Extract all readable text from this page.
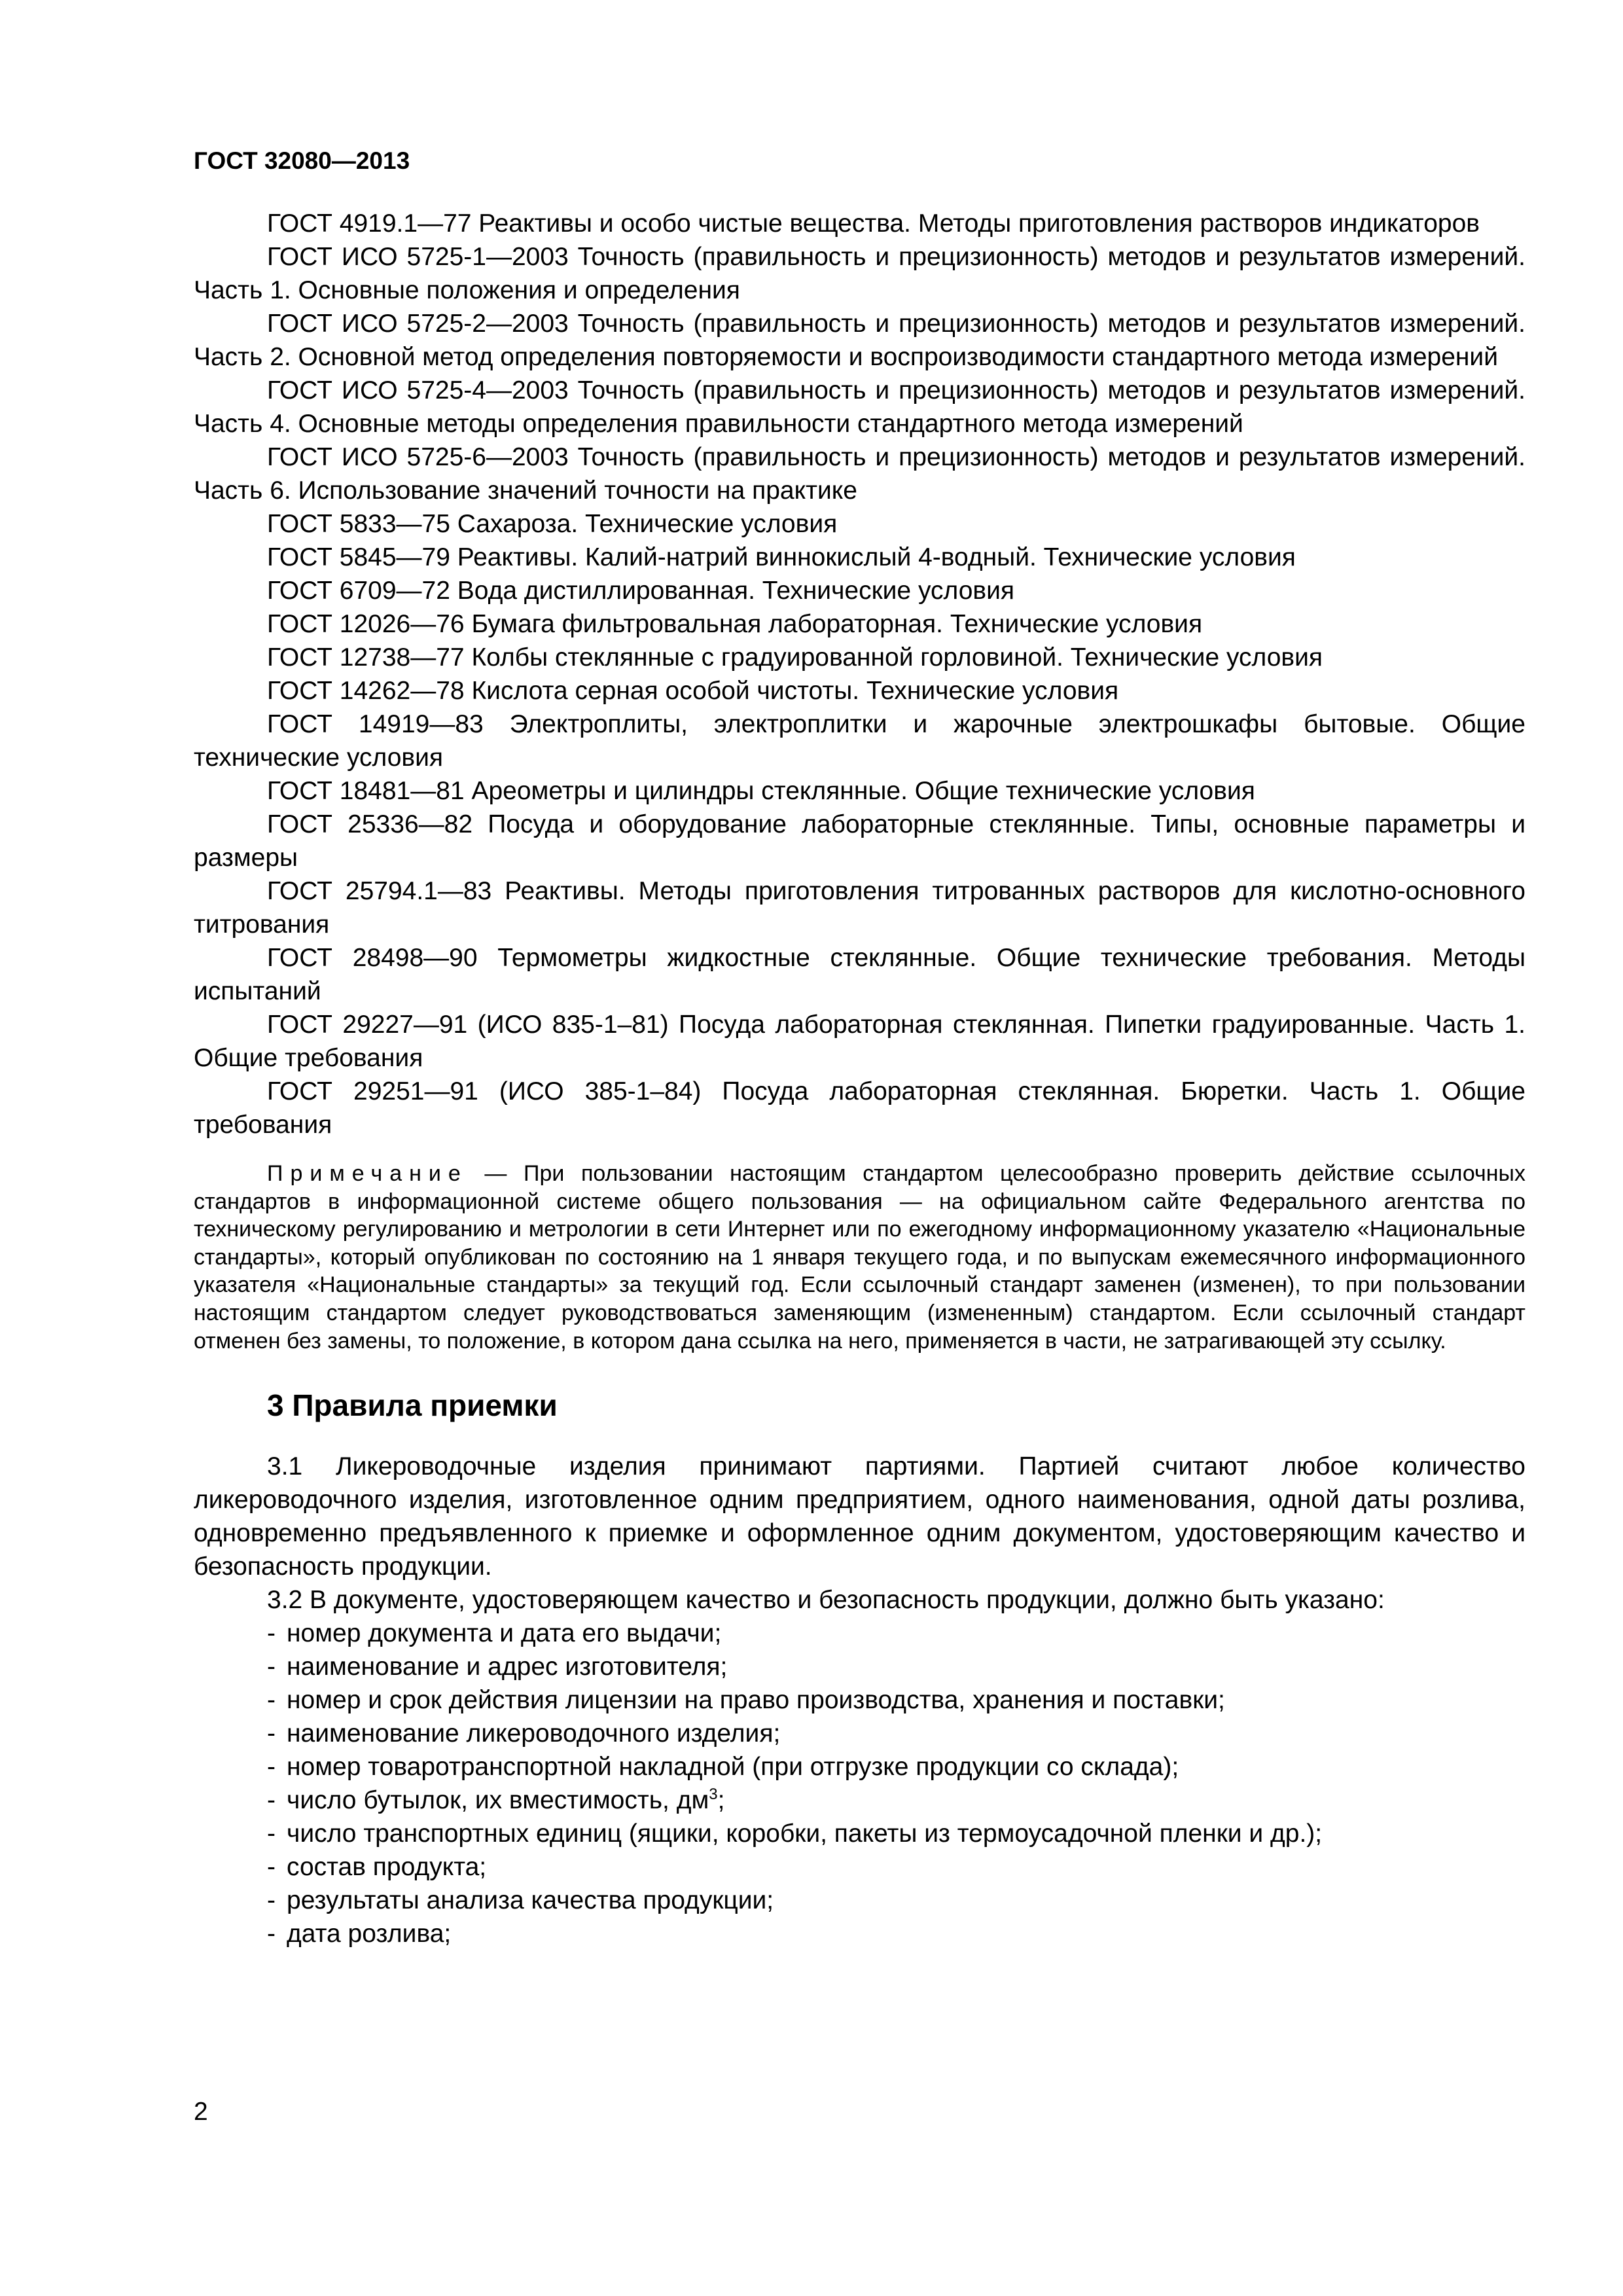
ГОСТ 32080—2013

ГОСТ 4919.1—77 Реактивы и особо чистые вещества. Методы приготовления растворов индикаторов

ГОСТ ИСО 5725-1—2003 Точность (правильность и прецизионность) методов и результатов измерений. Часть 1. Основные положения и определения

ГОСТ ИСО 5725-2—2003 Точность (правильность и прецизионность) методов и результатов измерений. Часть 2. Основной метод определения повторяемости и воспроизводимости стандартного метода измерений

ГОСТ ИСО 5725-4—2003 Точность (правильность и прецизионность) методов и результатов измерений. Часть 4. Основные методы определения правильности стандартного метода измерений

ГОСТ ИСО 5725-6—2003 Точность (правильность и прецизионность) методов и результатов измерений. Часть 6. Использование значений точности на практике

ГОСТ 5833—75 Сахароза. Технические условия

ГОСТ 5845—79 Реактивы. Калий-натрий виннокислый 4-водный. Технические условия

ГОСТ 6709—72 Вода дистиллированная. Технические условия

ГОСТ 12026—76 Бумага фильтровальная лабораторная. Технические условия

ГОСТ 12738—77 Колбы стеклянные с градуированной горловиной. Технические условия

ГОСТ 14262—78 Кислота серная особой чистоты. Технические условия

ГОСТ 14919—83 Электроплиты, электроплитки и жарочные электрошкафы бытовые. Общие технические условия

ГОСТ 18481—81 Ареометры и цилиндры стеклянные. Общие технические условия

ГОСТ 25336—82 Посуда и оборудование лабораторные стеклянные. Типы, основные параметры и размеры

ГОСТ 25794.1—83 Реактивы. Методы приготовления титрованных растворов для кислотно-основного титрования

ГОСТ 28498—90 Термометры жидкостные стеклянные. Общие технические требования. Методы испытаний

ГОСТ 29227—91 (ИСО 835-1–81) Посуда лабораторная стеклянная. Пипетки градуированные. Часть 1. Общие требования

ГОСТ 29251—91 (ИСО 385-1–84) Посуда лабораторная стеклянная. Бюретки. Часть 1. Общие требования

Примечание — При пользовании настоящим стандартом целесообразно проверить действие ссылочных стандартов в информационной системе общего пользования — на официальном сайте Федерального агентства по техническому регулированию и метрологии в сети Интернет или по ежегодному информационному указателю «Национальные стандарты», который опубликован по состоянию на 1 января текущего года, и по выпускам ежемесячного информационного указателя «Национальные стандарты» за текущий год. Если ссылочный стандарт заменен (изменен), то при пользовании настоящим стандартом следует руководствоваться заменяющим (измененным) стандартом. Если ссылочный стандарт отменен без замены, то положение, в котором дана ссылка на него, применяется в части, не затрагивающей эту ссылку.

3 Правила приемки

3.1 Ликероводочные изделия принимают партиями. Партией считают любое количество ликероводочного изделия, изготовленное одним предприятием, одного наименования, одной даты розлива, одновременно предъявленного к приемке и оформленное одним документом, удостоверяющим качество и безопасность продукции.

3.2 В документе, удостоверяющем качество и безопасность продукции, должно быть указано:

- номер документа и дата его выдачи;
- наименование и адрес изготовителя;
- номер и срок действия лицензии на право производства, хранения и поставки;
- наименование ликероводочного изделия;
- номер товаротранспортной накладной (при отгрузке продукции со склада);
- число бутылок, их вместимость, $дм^3$;
- число транспортных единиц (ящики, коробки, пакеты из термоусадочной пленки и др.);
- состав продукта;
- результаты анализа качества продукции;
- дата розлива;
2
